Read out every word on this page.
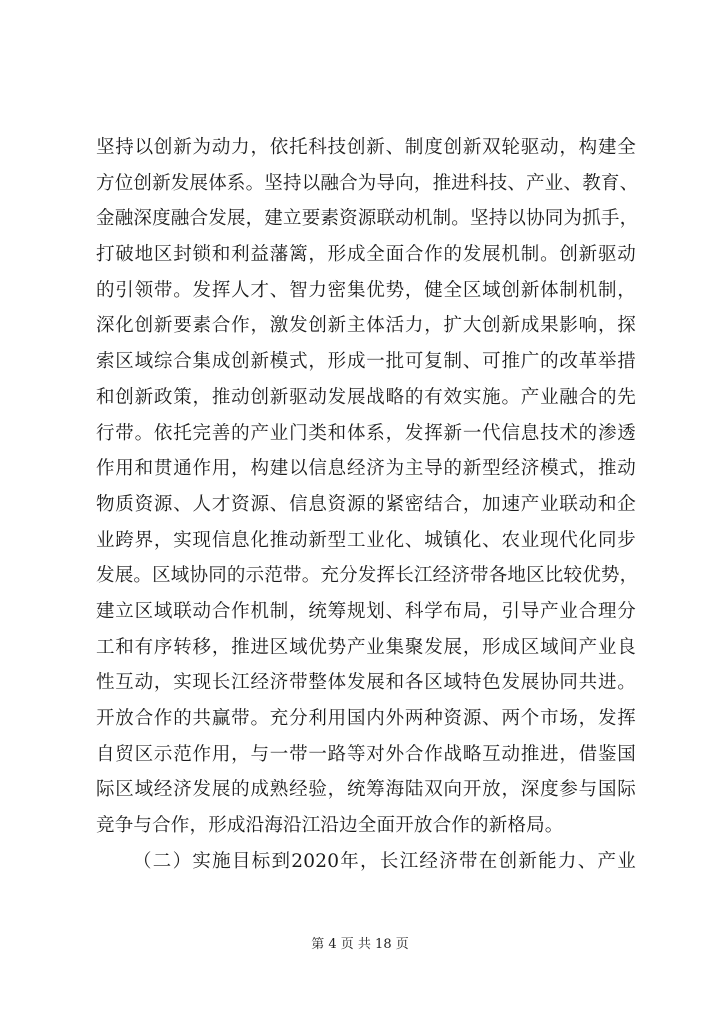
坚持以创新为动力，依托科技创新、制度创新双轮驱动，构建全
方位创新发展体系。坚持以融合为导向，推进科技、产业、教育、
金融深度融合发展，建立要素资源联动机制。坚持以协同为抓手，
打破地区封锁和利益藩篱，形成全面合作的发展机制。创新驱动
的引领带。发挥人才、智力密集优势，健全区域创新体制机制，
深化创新要素合作，激发创新主体活力，扩大创新成果影响，探
索区域综合集成创新模式，形成一批可复制、可推广的改革举措
和创新政策，推动创新驱动发展战略的有效实施。产业融合的先
行带。依托完善的产业门类和体系，发挥新一代信息技术的渗透
作用和贯通作用，构建以信息经济为主导的新型经济模式，推动
物质资源、人才资源、信息资源的紧密结合，加速产业联动和企
业跨界，实现信息化推动新型工业化、城镇化、农业现代化同步
发展。区域协同的示范带。充分发挥长江经济带各地区比较优势，
建立区域联动合作机制，统筹规划、科学布局，引导产业合理分
工和有序转移，推进区域优势产业集聚发展，形成区域间产业良
性互动，实现长江经济带整体发展和各区域特色发展协同共进。
开放合作的共赢带。充分利用国内外两种资源、两个市场，发挥
自贸区示范作用，与一带一路等对外合作战略互动推进，借鉴国
际区域经济发展的成熟经验，统筹海陆双向开放，深度参与国际
竞争与合作，形成沿海沿江沿边全面开放合作的新格局。
（二）实施目标到2020年，长江经济带在创新能力、产业
第 4 页 共 18 页
